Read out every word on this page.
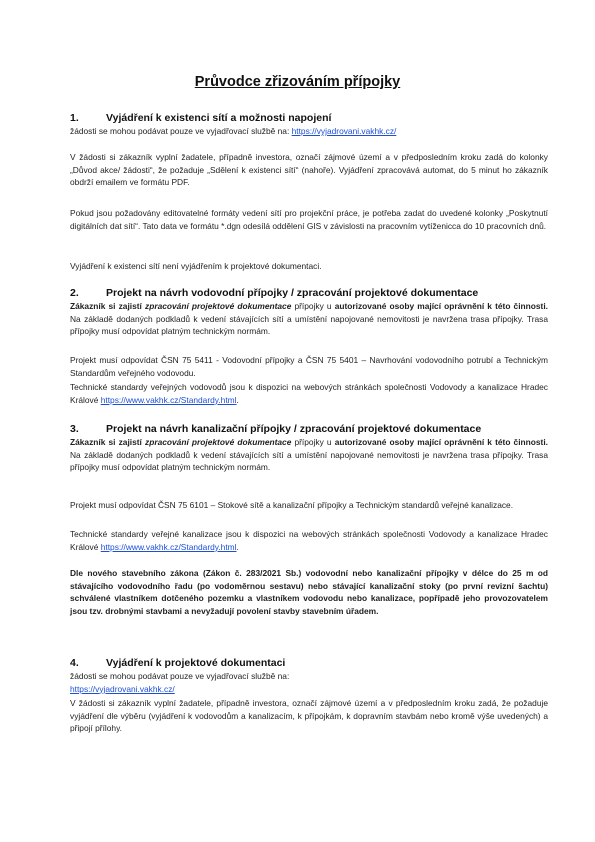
Průvodce zřizováním přípojky
1.	Vyjádření k existenci sítí a možnosti napojení
žádosti se mohou podávat pouze ve vyjadřovací službě na: https://vyjadrovani.vakhk.cz/
V žádosti si zákazník vyplní žadatele, případně investora, označí zájmové území a v předposledním kroku zadá do kolonky „Důvod akce/ žádosti“, že požaduje „Sdělení k existenci sítí“ (nahoře). Vyjádření zpracovává automat, do 5 minut ho zákazník obdrží emailem ve formátu PDF.
Pokud jsou požadovány editovatelné formáty vedení sítí pro projekční práce, je potřeba zadat do uvedené kolonky „Poskytnutí digitálních dat sítí“. Tato data ve formátu *.dgn odesílá oddělení GIS v závislosti na pracovním vytíženicca do 10 pracovních dnů.
Vyjádření k existenci sítí není vyjádřením k projektové dokumentaci.
2.	Projekt na návrh vodovodní přípojky / zpracování projektové dokumentace
Zákazník si zajistí zpracování projektové dokumentace přípojky u autorizované osoby mající oprávnění k této činnosti. Na základě dodaných podkladů k vedení stávajících sítí a umístění napojované nemovitosti je navržena trasa přípojky. Trasa přípojky musí odpovídat platným technickým normám.
Projekt musí odpovídat ČSN 75 5411 - Vodovodní přípojky a ČSN 75 5401 – Navrhování vodovodního potrubí a Technickým Standardům veřejného vodovodu.
Technické standardy veřejných vodovodů jsou k dispozici na webových stránkách společnosti Vodovody a kanalizace Hradec Králové https://www.vakhk.cz/Standardy.html.
3.	Projekt na návrh kanalizační přípojky / zpracování projektové dokumentace
Zákazník si zajistí zpracování projektové dokumentace přípojky u autorizované osoby mající oprávnění k této činnosti. Na základě dodaných podkladů k vedení stávajících sítí a umístění napojované nemovitosti je navržena trasa přípojky. Trasa přípojky musí odpovídat platným technickým normám.
Projekt musí odpovídat ČSN 75 6101 – Stokové sítě a kanalizační přípojky a Technickým standardů veřejné kanalizace.
Technické standardy veřejné kanalizace jsou k dispozici na webových stránkách společnosti Vodovody a kanalizace Hradec Králové https://www.vakhk.cz/Standardy.html.
Dle nového stavebního zákona (Zákon č. 283/2021 Sb.) vodovodní nebo kanalizační přípojky v délce do 25 m od stávajícího vodovodního řadu (po vodoměrnou sestavu) nebo stávající kanalizační stoky (po první revizní šachtu) schválené vlastníkem dotčeného pozemku a vlastníkem vodovodu nebo kanalizace, popřípadě jeho provozovatelem jsou tzv. drobnými stavbami a nevyžadují povolení stavby stavebním úřadem.
4.	Vyjádření k projektové dokumentaci
žádosti se mohou podávat pouze ve vyjadřovací službě na:
https://vyjadrovani.vakhk.cz/
V žádosti si zákazník vyplní žadatele, případně investora, označí zájmové území a v předposledním kroku zadá, že požaduje vyjádření dle výběru (vyjádření k vodovodům a kanalizacím, k přípojkám, k dopravním stavbám nebo kromě výše uvedených) a připojí přílohy.
